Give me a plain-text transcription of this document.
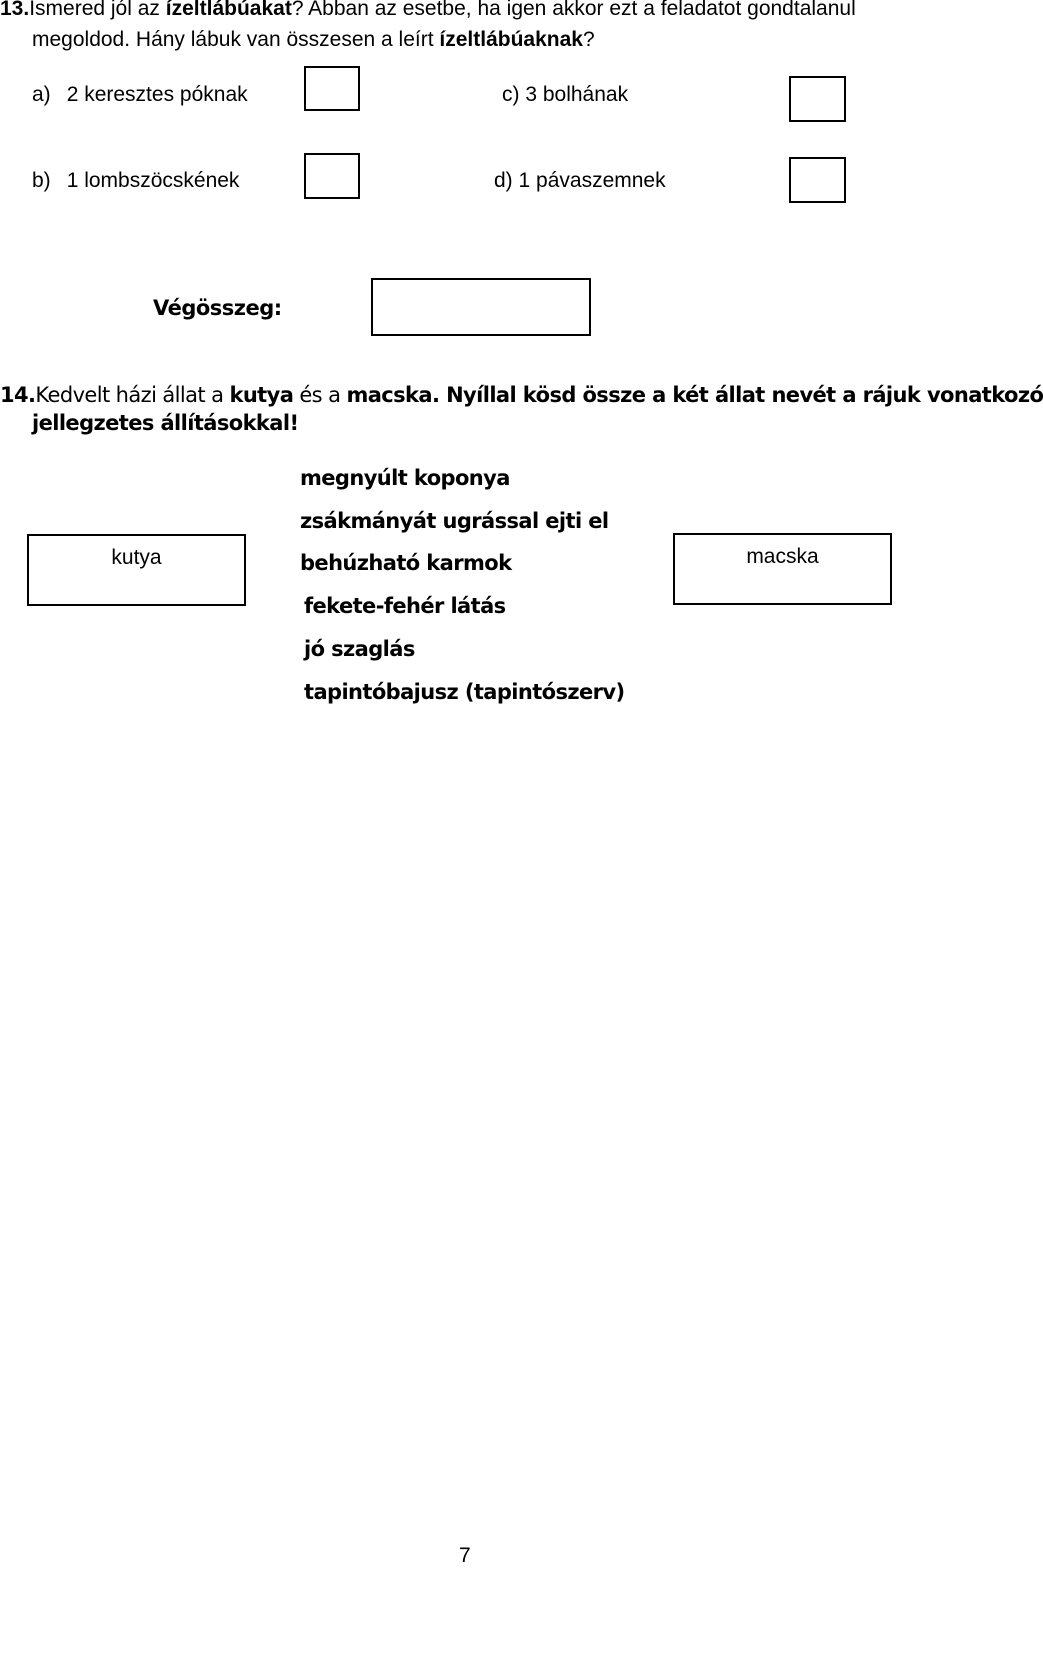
13.Ismered jól az ízeltlábúakat? Abban az esetbe, ha igen akkor ezt a feladatot gondtalanul
megoldod. Hány lábuk van összesen a leírt ízeltlábúaknak?
a) 2 keresztes póknak	c) 3 bolhának
b) 1 lombszöcskének	d) 1 pávaszemnek
Végösszeg:
14.Kedvelt házi állat a kutya és a macska. Nyíllal kösd össze a két állat nevét a rájuk vonatkozó
jellegzetes állításokkal!
kutya	macska
megnyúlt koponya
zsákmányát ugrással ejti el
behúzható karmok
fekete-fehér látás
jó szaglás
tapintóbajusz (tapintószerv)
7
